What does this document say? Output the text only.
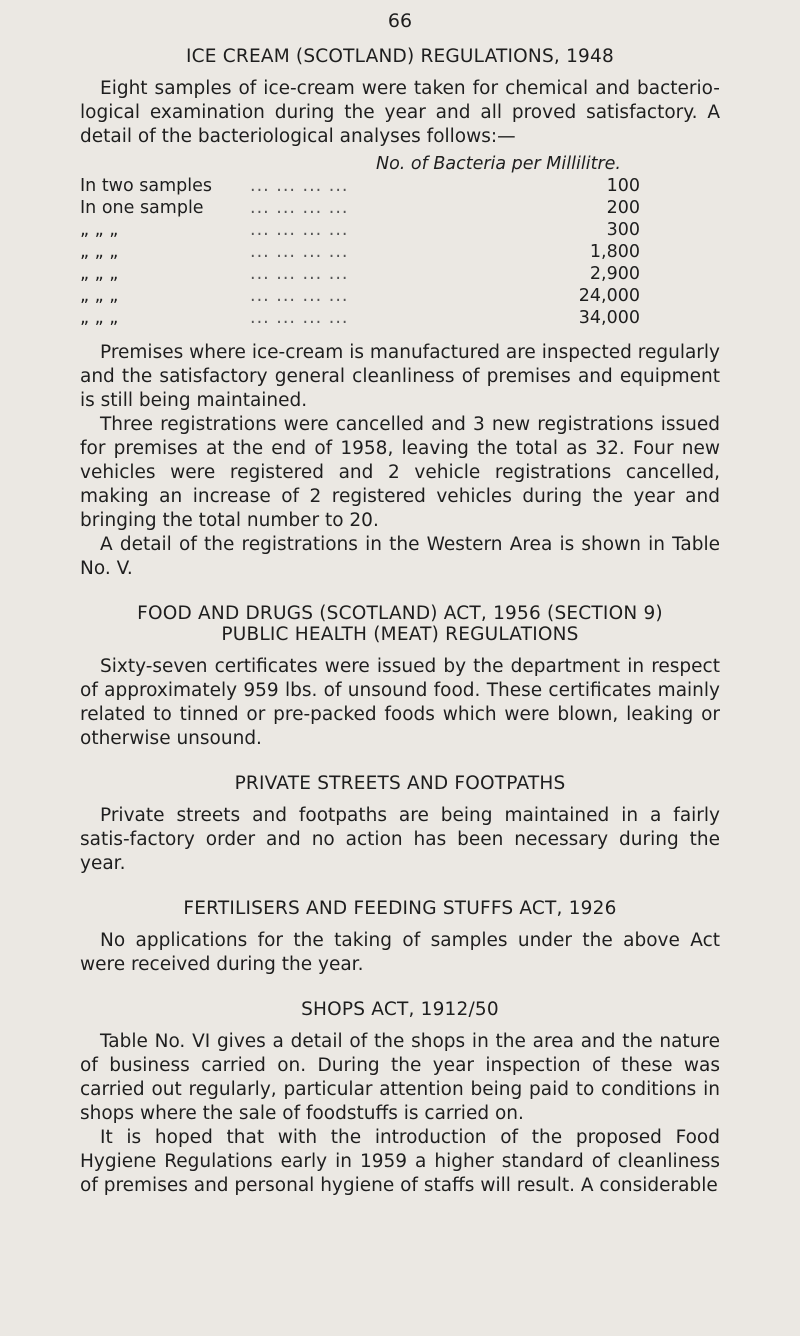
66
ICE CREAM (SCOTLAND) REGULATIONS, 1948

Eight samples of ice-cream were taken for chemical and bacterio-logical examination during the year and all proved satisfactory. A detail of the bacteriological analyses follows:—

No. of Bacteria per Millilitre.
In two samples ... ... ... ...	100
In one sample	... ... ... ...	200
„ „ „	... ... ... ...	300
„ „ „	... ... ... ...	1,800
„ „ „	... ... ... ...	2,900
„ „ „	... ... ... ...	24,000
„ „ „	... ... ... ...	34,000

Premises where ice-cream is manufactured are inspected regularly and the satisfactory general cleanliness of premises and equipment is still being maintained.

Three registrations were cancelled and 3 new registrations issued for premises at the end of 1958, leaving the total as 32. Four new vehicles were registered and 2 vehicle registrations cancelled, making an increase of 2 registered vehicles during the year and bringing the total number to 20.

A detail of the registrations in the Western Area is shown in Table No. V.

FOOD AND DRUGS (SCOTLAND) ACT, 1956 (SECTION 9)
PUBLIC HEALTH (MEAT) REGULATIONS

Sixty-seven certificates were issued by the department in respect of approximately 959 lbs. of unsound food. These certificates mainly related to tinned or pre-packed foods which were blown, leaking or otherwise unsound.

PRIVATE STREETS AND FOOTPATHS

Private streets and footpaths are being maintained in a fairly satis-factory order and no action has been necessary during the year.

FERTILISERS AND FEEDING STUFFS ACT, 1926

No applications for the taking of samples under the above Act were received during the year.

SHOPS ACT, 1912/50

Table No. VI gives a detail of the shops in the area and the nature of business carried on. During the year inspection of these was carried out regularly, particular attention being paid to conditions in shops where the sale of foodstuffs is carried on.

It is hoped that with the introduction of the proposed Food Hygiene Regulations early in 1959 a higher standard of cleanliness of premises and personal hygiene of staffs will result. A considerable
